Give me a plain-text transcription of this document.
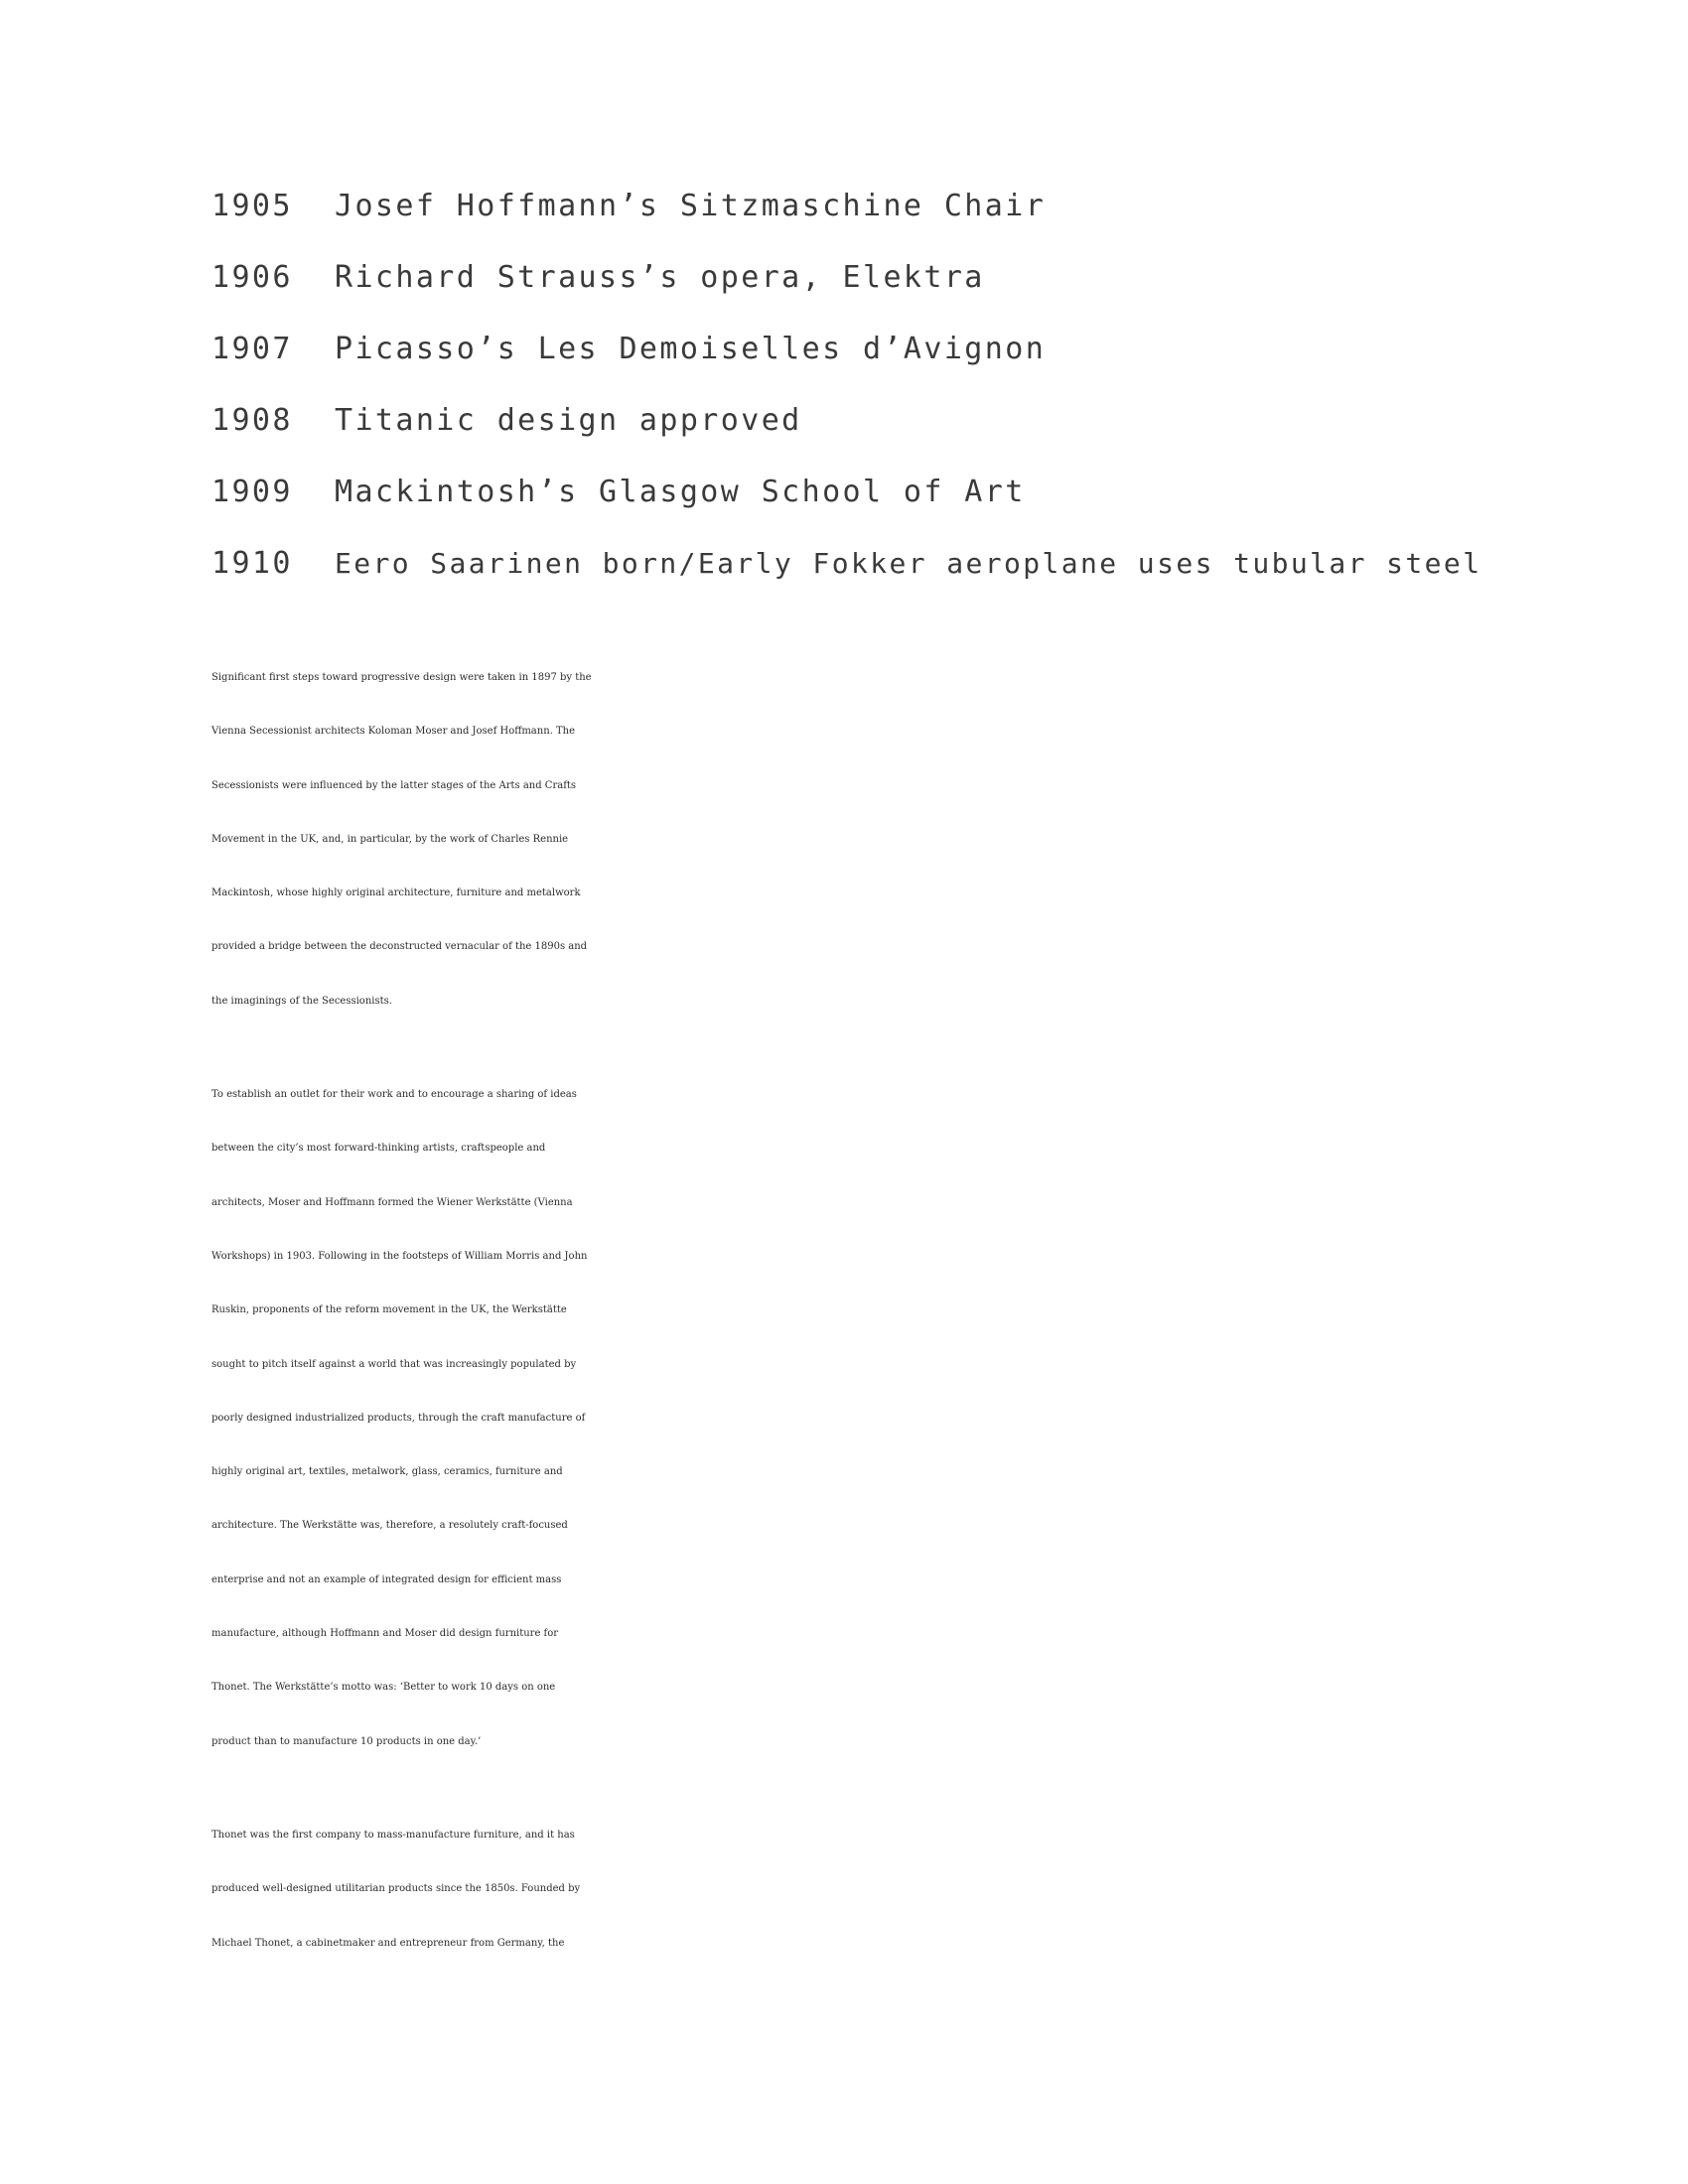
1905	Josef Hoffmann’s Sitzmaschine Chair
1906	Richard Strauss’s opera, Elektra
1907	Picasso’s Les Demoiselles d’Avignon
1908	Titanic design approved
1909	Mackintosh’s Glasgow School of Art
1910	Eero Saarinen born/Early Fokker aeroplane uses tubular steel

Significant first steps toward progressive design were taken in 1897 by the
Vienna Secessionist architects Koloman Moser and Josef Hoffmann. The
Secessionists were influenced by the latter stages of the Arts and Crafts
Movement in the UK, and, in particular, by the work of Charles Rennie
Mackintosh, whose highly original architecture, furniture and metalwork
provided a bridge between the deconstructed vernacular of the 1890s and
the imaginings of the Secessionists.

To establish an outlet for their work and to encourage a sharing of ideas
between the city’s most forward-thinking artists, craftspeople and
architects, Moser and Hoffmann formed the Wiener Werkstätte (Vienna
Workshops) in 1903. Following in the footsteps of William Morris and John
Ruskin, proponents of the reform movement in the UK, the Werkstätte
sought to pitch itself against a world that was increasingly populated by
poorly designed industrialized products, through the craft manufacture of
highly original art, textiles, metalwork, glass, ceramics, furniture and
architecture. The Werkstätte was, therefore, a resolutely craft-focused
enterprise and not an example of integrated design for efficient mass
manufacture, although Hoffmann and Moser did design furniture for
Thonet. The Werkstätte’s motto was: ‘Better to work 10 days on one
product than to manufacture 10 products in one day.’

Thonet was the first company to mass-manufacture furniture, and it has
produced well-designed utilitarian products since the 1850s. Founded by
Michael Thonet, a cabinetmaker and entrepreneur from Germany, the
